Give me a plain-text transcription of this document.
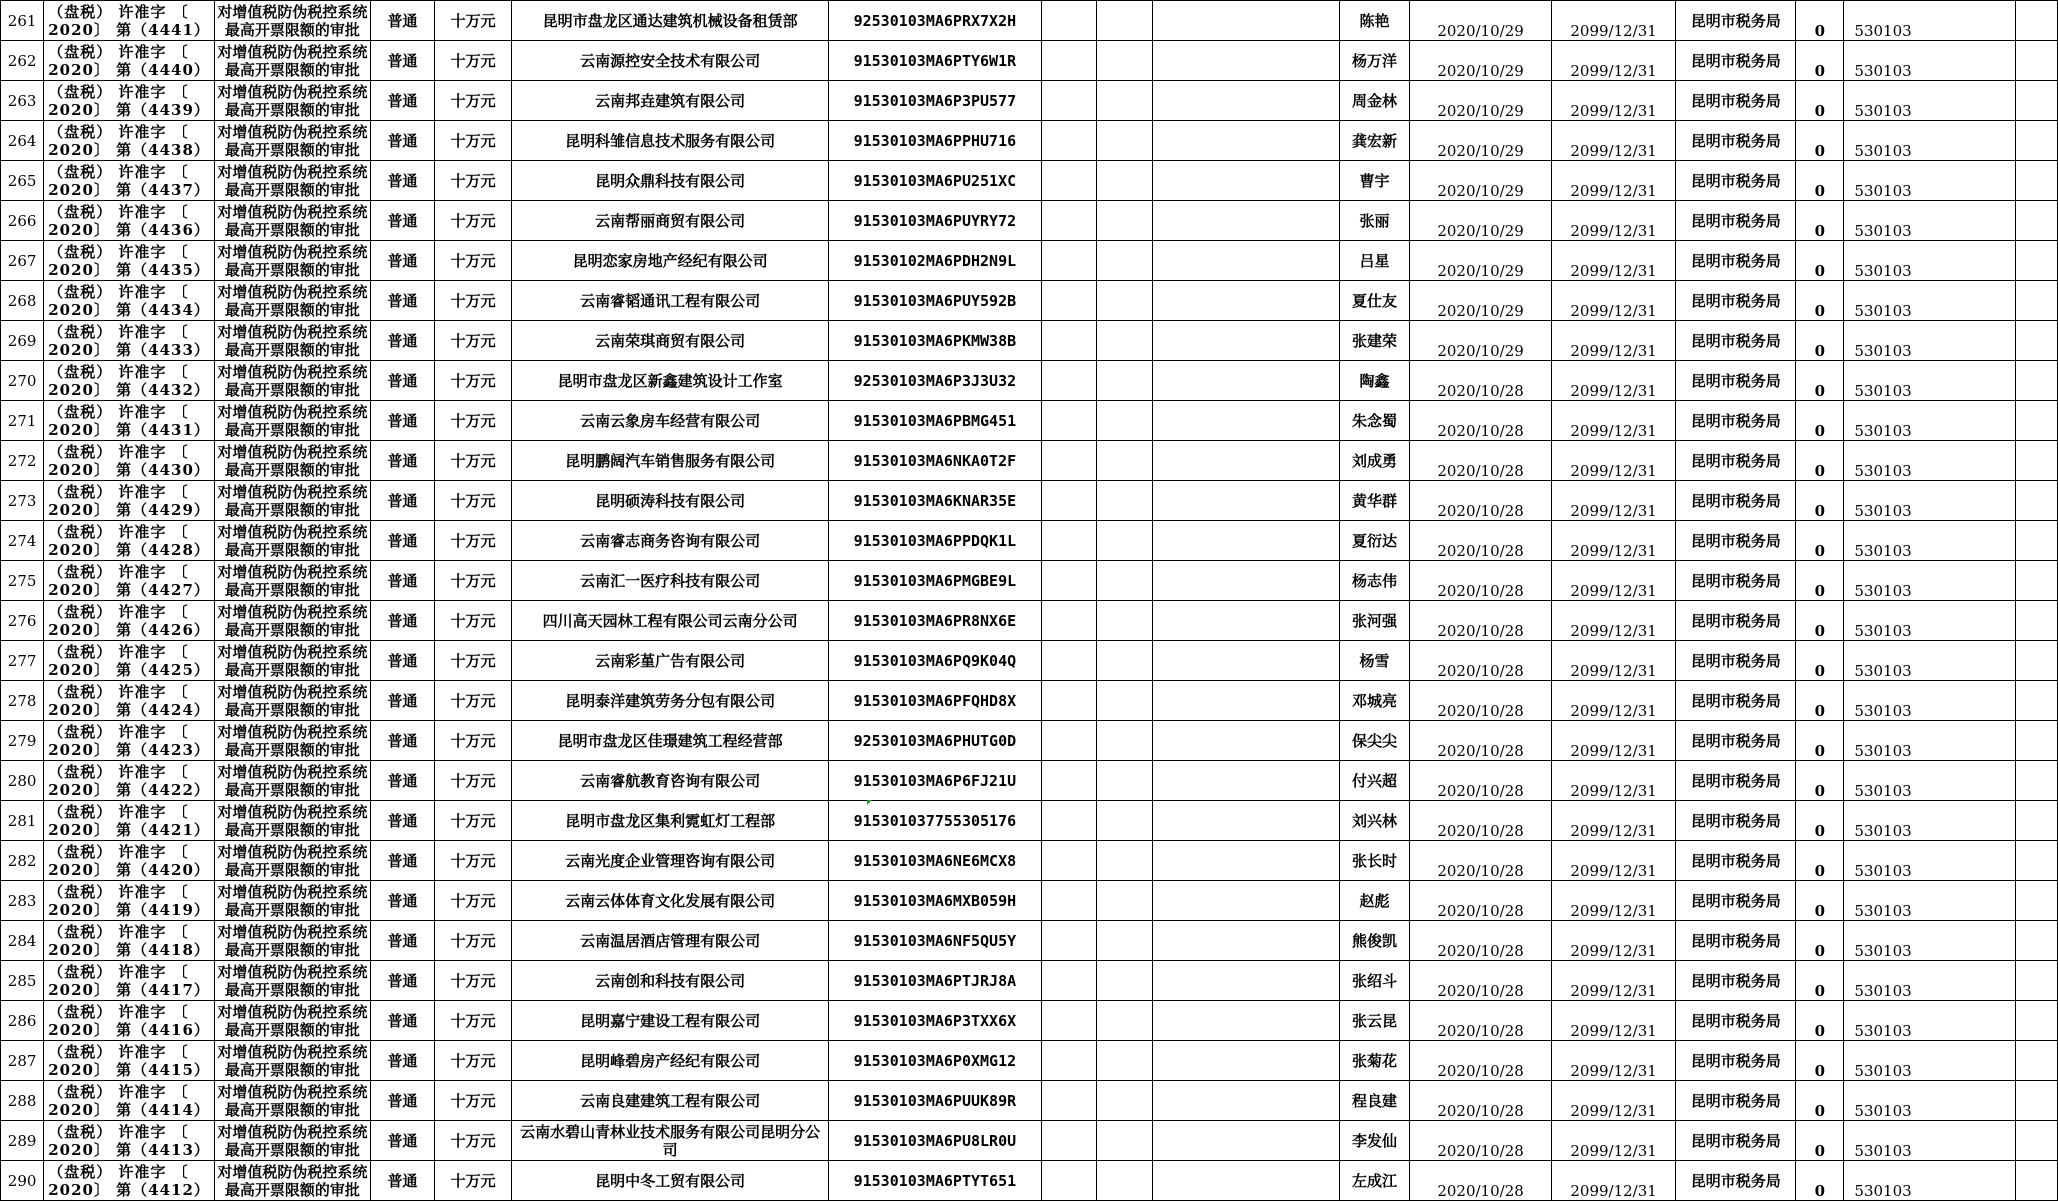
261	（盘税） 许准字 〔
2020〕 第（4441）	对增值税防伪税控系统
最高开票限额的审批	普通	十万元	昆明市盘龙区通达建筑机械设备租赁部	92530103MA6PRX7X2H				陈艳	2020/10/29	2099/12/31	昆明市税务局	0	530103	
262	（盘税） 许准字 〔
2020〕 第（4440）	对增值税防伪税控系统
最高开票限额的审批	普通	十万元	云南源控安全技术有限公司	91530103MA6PTY6W1R				杨万洋	2020/10/29	2099/12/31	昆明市税务局	0	530103	
263	（盘税） 许准字 〔
2020〕 第（4439）	对增值税防伪税控系统
最高开票限额的审批	普通	十万元	云南邦垚建筑有限公司	91530103MA6P3PU577				周金林	2020/10/29	2099/12/31	昆明市税务局	0	530103	
264	（盘税） 许准字 〔
2020〕 第（4438）	对增值税防伪税控系统
最高开票限额的审批	普通	十万元	昆明科雏信息技术服务有限公司	91530103MA6PPHU716				龚宏新	2020/10/29	2099/12/31	昆明市税务局	0	530103	
265	（盘税） 许准字 〔
2020〕 第（4437）	对增值税防伪税控系统
最高开票限额的审批	普通	十万元	昆明众鼎科技有限公司	91530103MA6PU251XC				曹宇	2020/10/29	2099/12/31	昆明市税务局	0	530103	
266	（盘税） 许准字 〔
2020〕 第（4436）	对增值税防伪税控系统
最高开票限额的审批	普通	十万元	云南帮丽商贸有限公司	91530103MA6PUYRY72				张丽	2020/10/29	2099/12/31	昆明市税务局	0	530103	
267	（盘税） 许准字 〔
2020〕 第（4435）	对增值税防伪税控系统
最高开票限额的审批	普通	十万元	昆明恋家房地产经纪有限公司	91530102MA6PDH2N9L				吕星	2020/10/29	2099/12/31	昆明市税务局	0	530103	
268	（盘税） 许准字 〔
2020〕 第（4434）	对增值税防伪税控系统
最高开票限额的审批	普通	十万元	云南睿韬通讯工程有限公司	91530103MA6PUY592B				夏仕友	2020/10/29	2099/12/31	昆明市税务局	0	530103	
269	（盘税） 许准字 〔
2020〕 第（4433）	对增值税防伪税控系统
最高开票限额的审批	普通	十万元	云南荣琪商贸有限公司	91530103MA6PKMW38B				张建荣	2020/10/29	2099/12/31	昆明市税务局	0	530103	
270	（盘税） 许准字 〔
2020〕 第（4432）	对增值税防伪税控系统
最高开票限额的审批	普通	十万元	昆明市盘龙区新鑫建筑设计工作室	92530103MA6P3J3U32				陶鑫	2020/10/28	2099/12/31	昆明市税务局	0	530103	
271	（盘税） 许准字 〔
2020〕 第（4431）	对增值税防伪税控系统
最高开票限额的审批	普通	十万元	云南云象房车经营有限公司	91530103MA6PBMG451				朱念蜀	2020/10/28	2099/12/31	昆明市税务局	0	530103	
272	（盘税） 许准字 〔
2020〕 第（4430）	对增值税防伪税控系统
最高开票限额的审批	普通	十万元	昆明鹏阔汽车销售服务有限公司	91530103MA6NKA0T2F				刘成勇	2020/10/28	2099/12/31	昆明市税务局	0	530103	
273	（盘税） 许准字 〔
2020〕 第（4429）	对增值税防伪税控系统
最高开票限额的审批	普通	十万元	昆明硕涛科技有限公司	91530103MA6KNAR35E				黄华群	2020/10/28	2099/12/31	昆明市税务局	0	530103	
274	（盘税） 许准字 〔
2020〕 第（4428）	对增值税防伪税控系统
最高开票限额的审批	普通	十万元	云南睿志商务咨询有限公司	91530103MA6PPDQK1L				夏衍达	2020/10/28	2099/12/31	昆明市税务局	0	530103	
275	（盘税） 许准字 〔
2020〕 第（4427）	对增值税防伪税控系统
最高开票限额的审批	普通	十万元	云南汇一医疗科技有限公司	91530103MA6PMGBE9L				杨志伟	2020/10/28	2099/12/31	昆明市税务局	0	530103	
276	（盘税） 许准字 〔
2020〕 第（4426）	对增值税防伪税控系统
最高开票限额的审批	普通	十万元	四川高天园林工程有限公司云南分公司	91530103MA6PR8NX6E				张河强	2020/10/28	2099/12/31	昆明市税务局	0	530103	
277	（盘税） 许准字 〔
2020〕 第（4425）	对增值税防伪税控系统
最高开票限额的审批	普通	十万元	云南彩堇广告有限公司	91530103MA6PQ9K04Q				杨雪	2020/10/28	2099/12/31	昆明市税务局	0	530103	
278	（盘税） 许准字 〔
2020〕 第（4424）	对增值税防伪税控系统
最高开票限额的审批	普通	十万元	昆明泰洋建筑劳务分包有限公司	91530103MA6PFQHD8X				邓城亮	2020/10/28	2099/12/31	昆明市税务局	0	530103	
279	（盘税） 许准字 〔
2020〕 第（4423）	对增值税防伪税控系统
最高开票限额的审批	普通	十万元	昆明市盘龙区佳璟建筑工程经营部	92530103MA6PHUTG0D				保尖尖	2020/10/28	2099/12/31	昆明市税务局	0	530103	
280	（盘税） 许准字 〔
2020〕 第（4422）	对增值税防伪税控系统
最高开票限额的审批	普通	十万元	云南睿航教育咨询有限公司	91530103MA6P6FJ21U				付兴超	2020/10/28	2099/12/31	昆明市税务局	0	530103	
281	（盘税） 许准字 〔
2020〕 第（4421）	对增值税防伪税控系统
最高开票限额的审批	普通	十万元	昆明市盘龙区集利霓虹灯工程部	915301037755305176				刘兴林	2020/10/28	2099/12/31	昆明市税务局	0	530103	
282	（盘税） 许准字 〔
2020〕 第（4420）	对增值税防伪税控系统
最高开票限额的审批	普通	十万元	云南光度企业管理咨询有限公司	91530103MA6NE6MCX8				张长时	2020/10/28	2099/12/31	昆明市税务局	0	530103	
283	（盘税） 许准字 〔
2020〕 第（4419）	对增值税防伪税控系统
最高开票限额的审批	普通	十万元	云南云体体育文化发展有限公司	91530103MA6MXB059H				赵彪	2020/10/28	2099/12/31	昆明市税务局	0	530103	
284	（盘税） 许准字 〔
2020〕 第（4418）	对增值税防伪税控系统
最高开票限额的审批	普通	十万元	云南温居酒店管理有限公司	91530103MA6NF5QU5Y				熊俊凯	2020/10/28	2099/12/31	昆明市税务局	0	530103	
285	（盘税） 许准字 〔
2020〕 第（4417）	对增值税防伪税控系统
最高开票限额的审批	普通	十万元	云南创和科技有限公司	91530103MA6PTJRJ8A				张绍斗	2020/10/28	2099/12/31	昆明市税务局	0	530103	
286	（盘税） 许准字 〔
2020〕 第（4416）	对增值税防伪税控系统
最高开票限额的审批	普通	十万元	昆明嘉宁建设工程有限公司	91530103MA6P3TXX6X				张云昆	2020/10/28	2099/12/31	昆明市税务局	0	530103	
287	（盘税） 许准字 〔
2020〕 第（4415）	对增值税防伪税控系统
最高开票限额的审批	普通	十万元	昆明峰碧房产经纪有限公司	91530103MA6P0XMG12				张菊花	2020/10/28	2099/12/31	昆明市税务局	0	530103	
288	（盘税） 许准字 〔
2020〕 第（4414）	对增值税防伪税控系统
最高开票限额的审批	普通	十万元	云南良建建筑工程有限公司	91530103MA6PUUK89R				程良建	2020/10/28	2099/12/31	昆明市税务局	0	530103	
289	（盘税） 许准字 〔
2020〕 第（4413）	对增值税防伪税控系统
最高开票限额的审批	普通	十万元	云南水碧山青林业技术服务有限公司昆明分公司	91530103MA6PU8LR0U				李发仙	2020/10/28	2099/12/31	昆明市税务局	0	530103	
290	（盘税） 许准字 〔
2020〕 第（4412）	对增值税防伪税控系统
最高开票限额的审批	普通	十万元	昆明中冬工贸有限公司	91530103MA6PTYT651				左成江	2020/10/28	2099/12/31	昆明市税务局	0	530103	
